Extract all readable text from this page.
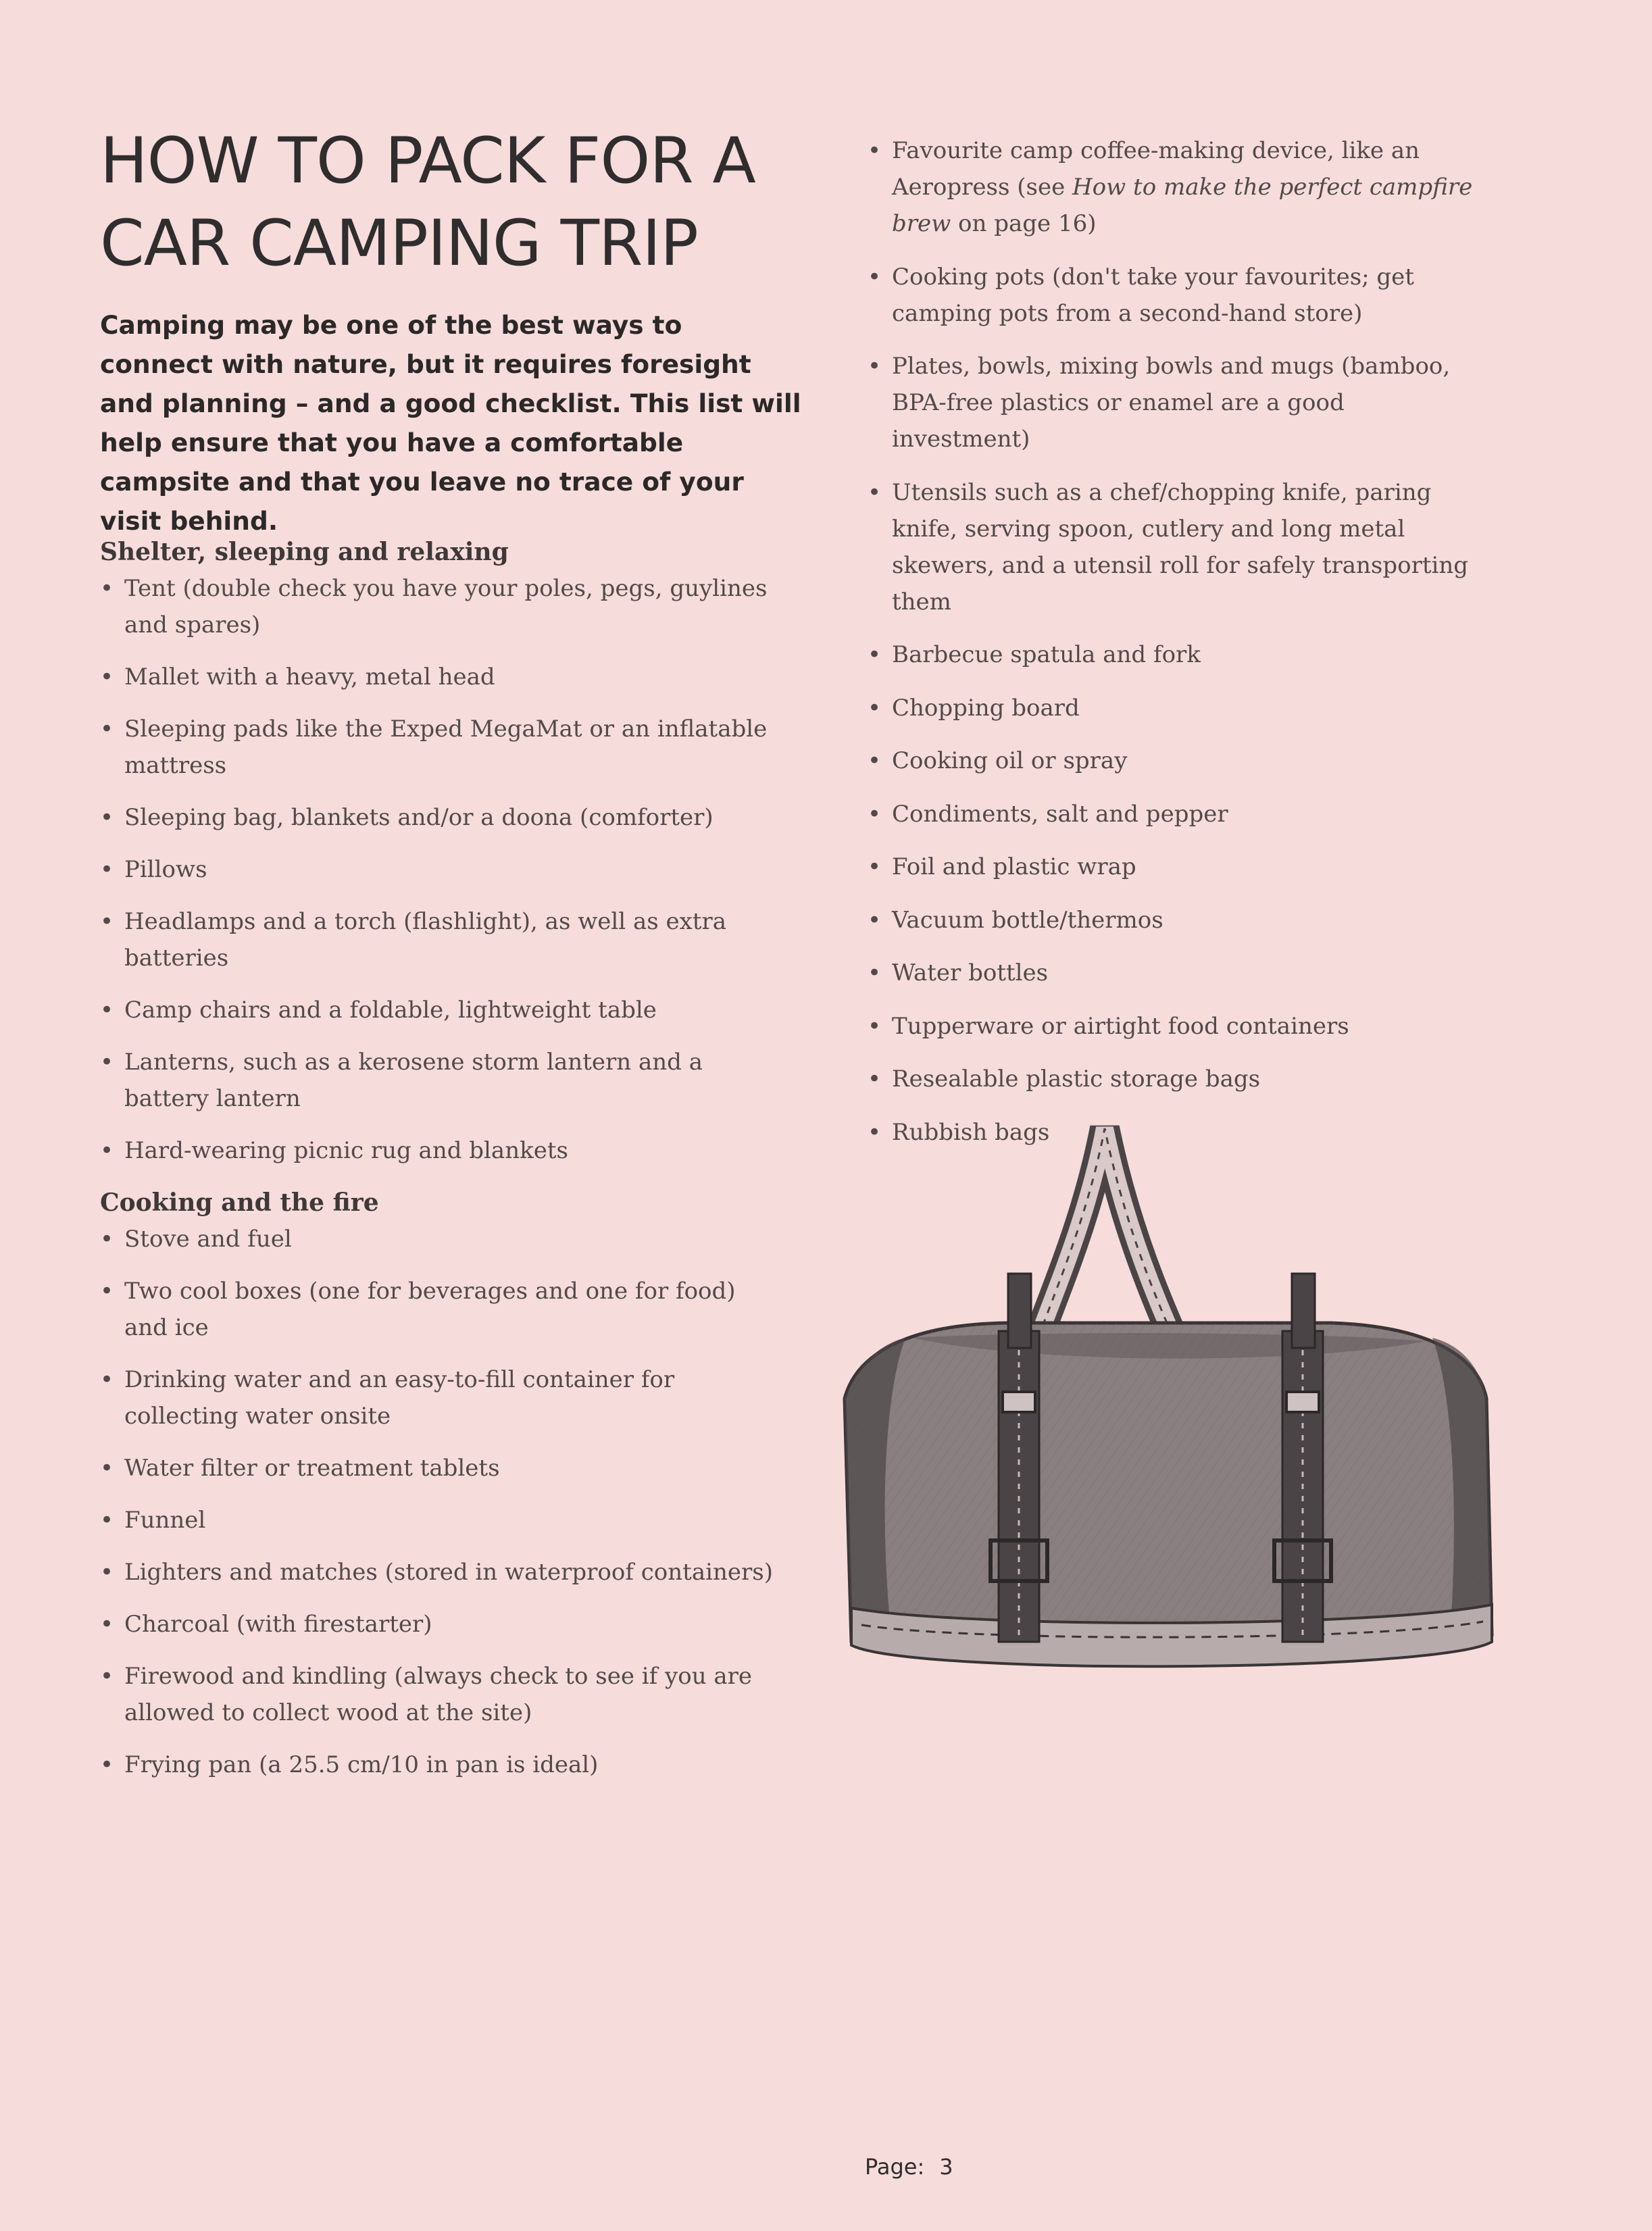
HOW TO PACK FOR A
CAR CAMPING TRIP

Camping may be one of the best ways to connect with nature, but it requires foresight and planning – and a good checklist. This list will help ensure that you have a comfortable campsite and that you leave no trace of your visit behind.

Shelter, sleeping and relaxing
• Tent (double check you have your poles, pegs, guylines and spares)
• Mallet with a heavy, metal head
• Sleeping pads like the Exped MegaMat or an inflatable mattress
• Sleeping bag, blankets and/or a doona (comforter)
• Pillows
• Headlamps and a torch (flashlight), as well as extra batteries
• Camp chairs and a foldable, lightweight table
• Lanterns, such as a kerosene storm lantern and a battery lantern
• Hard-wearing picnic rug and blankets
Cooking and the fire
• Stove and fuel
• Two cool boxes (one for beverages and one for food) and ice
• Drinking water and an easy-to-fill container for collecting water onsite
• Water filter or treatment tablets
• Funnel
• Lighters and matches (stored in waterproof containers)
• Charcoal (with firestarter)
• Firewood and kindling (always check to see if you are allowed to collect wood at the site)
• Frying pan (a 25.5 cm/10 in pan is ideal)
• Favourite camp coffee-making device, like an Aeropress (see How to make the perfect campfire brew on page 16)
• Cooking pots (don't take your favourites; get camping pots from a second-hand store)
• Plates, bowls, mixing bowls and mugs (bamboo, BPA-free plastics or enamel are a good investment)
• Utensils such as a chef/chopping knife, paring knife, serving spoon, cutlery and long metal skewers, and a utensil roll for safely transporting them
• Barbecue spatula and fork
• Chopping board
• Cooking oil or spray
• Condiments, salt and pepper
• Foil and plastic wrap
• Vacuum bottle/thermos
• Water bottles
• Tupperware or airtight food containers
• Resealable plastic storage bags
• Rubbish bags
Page: 3
